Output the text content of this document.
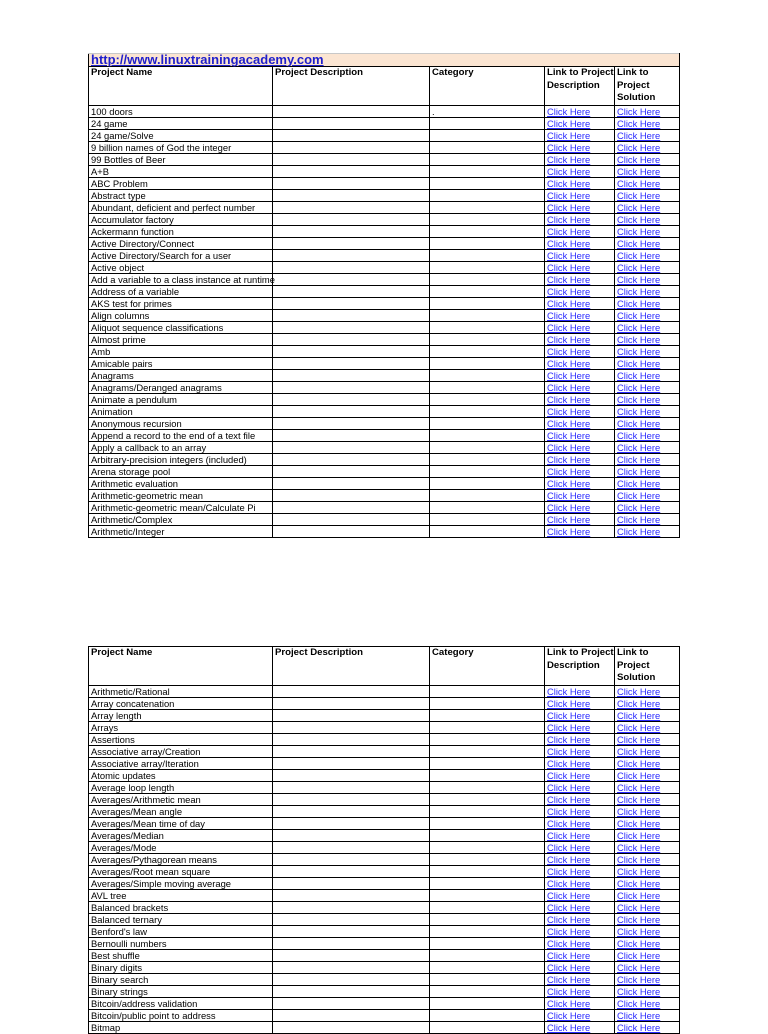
http://www.linuxtrainingacademy.com				
Project Name	Project Description	Category	Link to Project Description	Link to Project Solution
100 doors		.	Click Here	Click Here
24 game			Click Here	Click Here
24 game/Solve			Click Here	Click Here
9 billion names of God the integer			Click Here	Click Here
99 Bottles of Beer			Click Here	Click Here
A+B			Click Here	Click Here
ABC Problem			Click Here	Click Here
Abstract type			Click Here	Click Here
Abundant, deficient and perfect number			Click Here	Click Here
Accumulator factory			Click Here	Click Here
Ackermann function			Click Here	Click Here
Active Directory/Connect			Click Here	Click Here
Active Directory/Search for a user			Click Here	Click Here
Active object			Click Here	Click Here
Add a variable to a class instance at runtime			Click Here	Click Here
Address of a variable			Click Here	Click Here
AKS test for primes			Click Here	Click Here
Align columns			Click Here	Click Here
Aliquot sequence classifications			Click Here	Click Here
Almost prime			Click Here	Click Here
Amb			Click Here	Click Here
Amicable pairs			Click Here	Click Here
Anagrams			Click Here	Click Here
Anagrams/Deranged anagrams			Click Here	Click Here
Animate a pendulum			Click Here	Click Here
Animation			Click Here	Click Here
Anonymous recursion			Click Here	Click Here
Append a record to the end of a text file			Click Here	Click Here
Apply a callback to an array			Click Here	Click Here
Arbitrary-precision integers (included)			Click Here	Click Here
Arena storage pool			Click Here	Click Here
Arithmetic evaluation			Click Here	Click Here
Arithmetic-geometric mean			Click Here	Click Here
Arithmetic-geometric mean/Calculate Pi			Click Here	Click Here
Arithmetic/Complex			Click Here	Click Here
Arithmetic/Integer			Click Here	Click Here
Project Name	Project Description	Category	Link to Project Description	Link to Project Solution
Arithmetic/Rational			Click Here	Click Here
Array concatenation			Click Here	Click Here
Array length			Click Here	Click Here
Arrays			Click Here	Click Here
Assertions			Click Here	Click Here
Associative array/Creation			Click Here	Click Here
Associative array/Iteration			Click Here	Click Here
Atomic updates			Click Here	Click Here
Average loop length			Click Here	Click Here
Averages/Arithmetic mean			Click Here	Click Here
Averages/Mean angle			Click Here	Click Here
Averages/Mean time of day			Click Here	Click Here
Averages/Median			Click Here	Click Here
Averages/Mode			Click Here	Click Here
Averages/Pythagorean means			Click Here	Click Here
Averages/Root mean square			Click Here	Click Here
Averages/Simple moving average			Click Here	Click Here
AVL tree			Click Here	Click Here
Balanced brackets			Click Here	Click Here
Balanced ternary			Click Here	Click Here
Benford's law			Click Here	Click Here
Bernoulli numbers			Click Here	Click Here
Best shuffle			Click Here	Click Here
Binary digits			Click Here	Click Here
Binary search			Click Here	Click Here
Binary strings			Click Here	Click Here
Bitcoin/address validation			Click Here	Click Here
Bitcoin/public point to address			Click Here	Click Here
Bitmap			Click Here	Click Here
